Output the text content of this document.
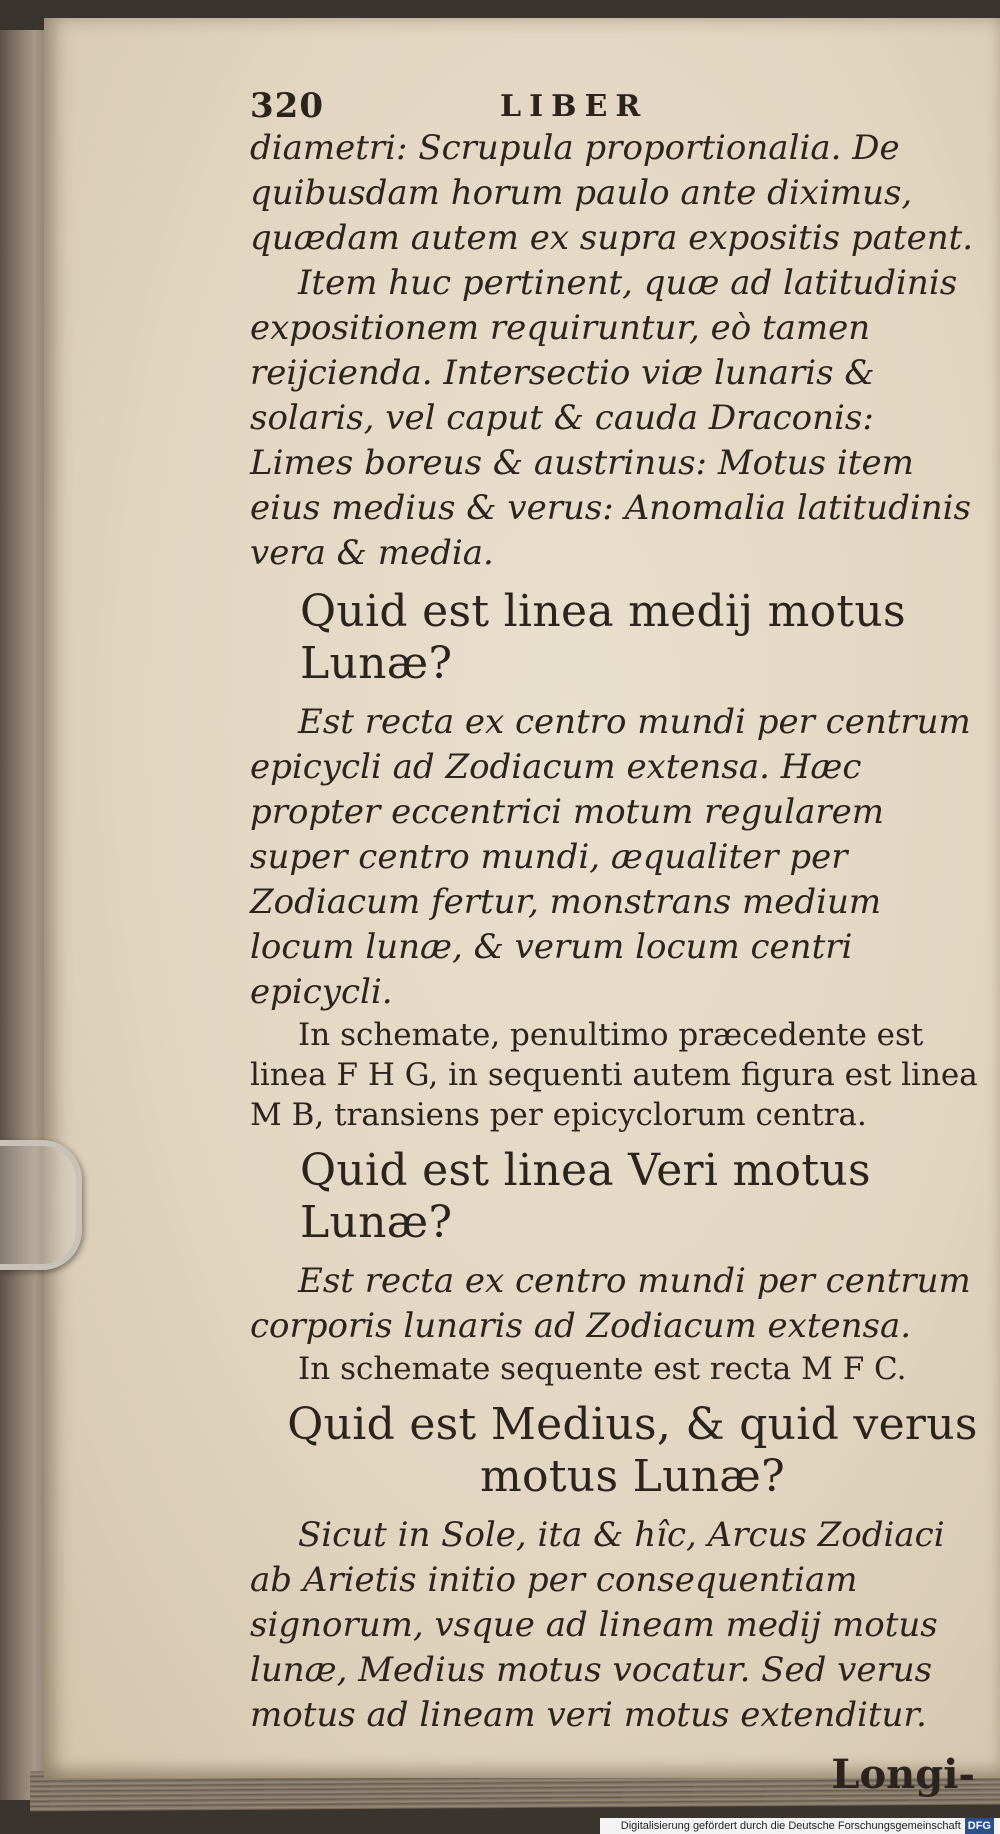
320	LIBER

diametri: Scrupula proportionalia. De quibusdam horum paulo ante diximus, quædam autem ex supra expositis patent.

Item huc pertinent, quæ ad latitudinis expositionem requiruntur, eò tamen reijcienda. Intersectio viæ lunaris & solaris, vel caput & cauda Draconis: Limes boreus & austrinus: Motus item eius medius & verus: Anomalia latitudinis vera & media.

Quid est linea medij motus Lunæ?

Est recta ex centro mundi per centrum epicycli ad Zodiacum extensa. Hæc propter eccentrici motum regularem super centro mundi, æqualiter per Zodiacum fertur, monstrans medium locum lunæ, & verum locum centri epicycli.

In schemate, penultimo præcedente est linea F H G, in sequenti autem figura est linea M B, transiens per epicyclorum centra.

Quid est linea Veri motus Lunæ?

Est recta ex centro mundi per centrum corporis lunaris ad Zodiacum extensa.

In schemate sequente est recta M F C.

Quid est Medius, & quid verus
motus Lunæ?

Sicut in Sole, ita & hîc, Arcus Zodiaci ab Arietis initio per consequentiam signorum, vsque ad lineam medij motus lunæ, Medius motus vocatur. Sed verus motus ad lineam veri motus extenditur.

Longi-
Digitalisierung gefördert durch die Deutsche Forschungsgemeinschaft DFG
